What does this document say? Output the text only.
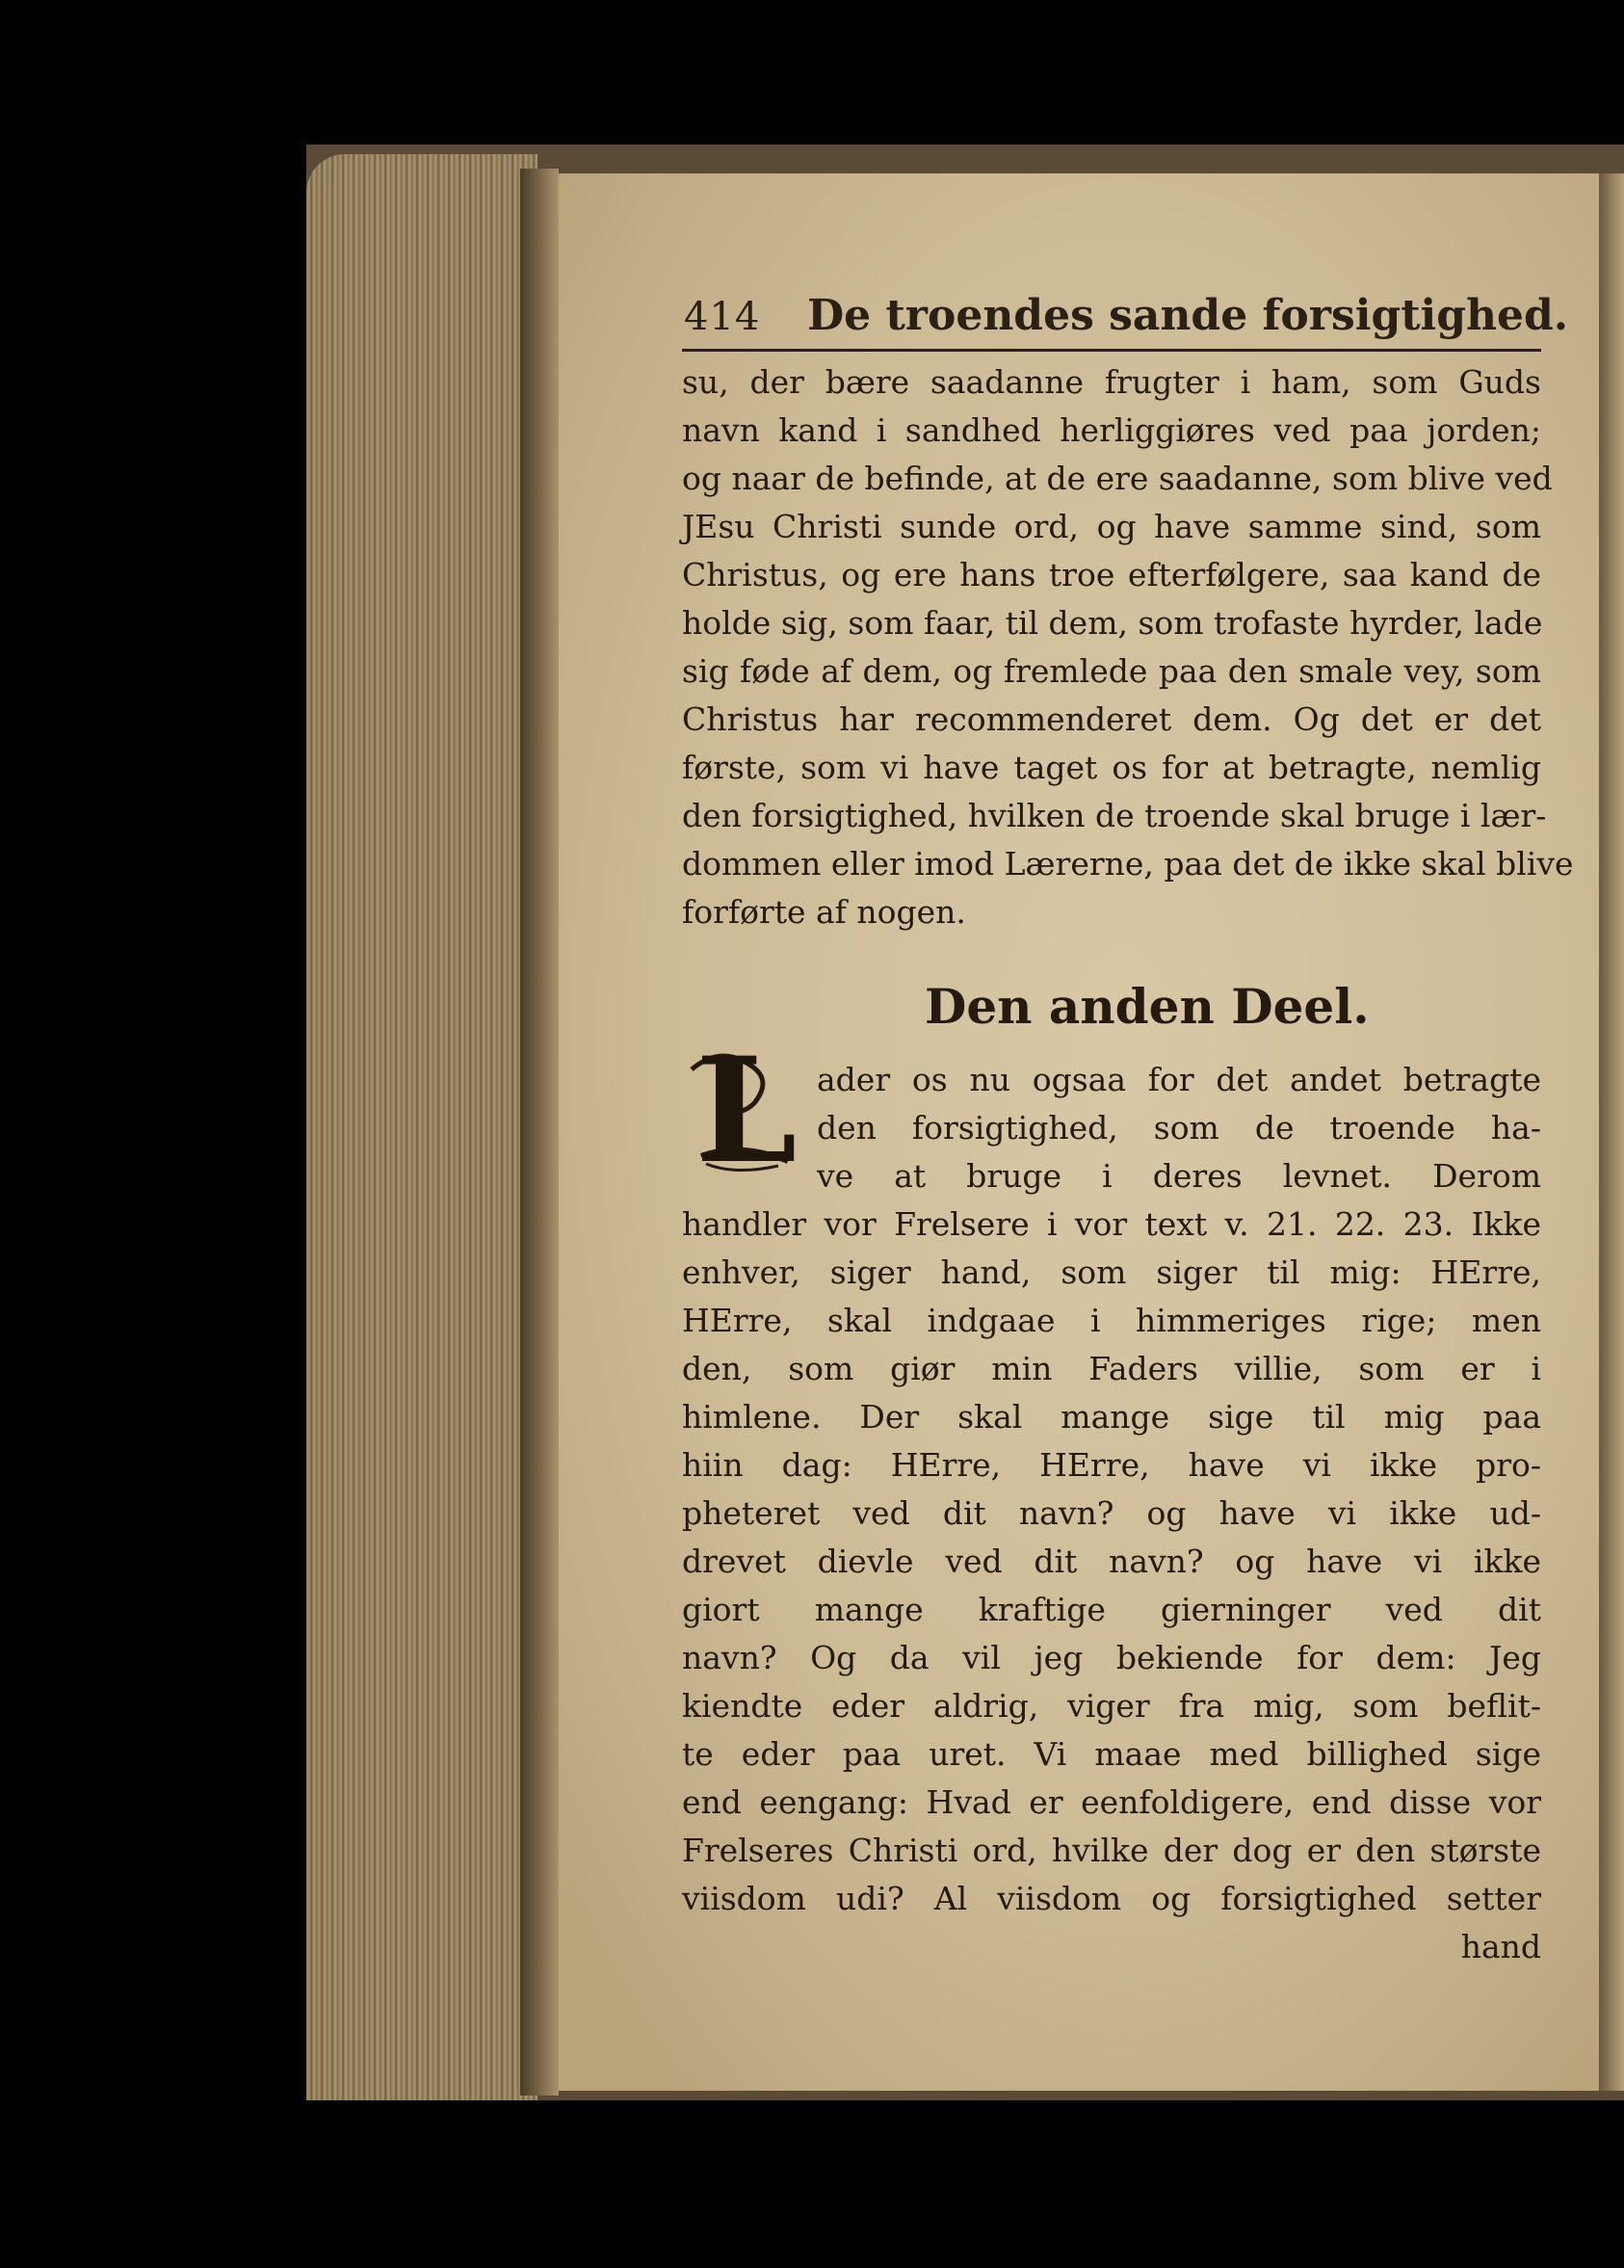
414 De troendes sande forsigtighed.
su, der bære saadanne frugter i ham, som Guds
navn kand i sandhed herliggiøres ved paa jorden;
og naar de befinde, at de ere saadanne, som blive ved
JEsu Christi sunde ord, og have samme sind, som
Christus, og ere hans troe efterfølgere, saa kand de
holde sig, som faar, til dem, som trofaste hyrder, lade
sig føde af dem, og fremlede paa den smale vey, som
Christus har recommenderet dem. Og det er det
første, som vi have taget os for at betragte, nemlig
den forsigtighed, hvilken de troende skal bruge i lær-
dommen eller imod Lærerne, paa det de ikke skal blive
forførte af nogen.
Den anden Deel.
L ader os nu ogsaa for det andet betragte
den forsigtighed, som de troende ha-
ve at bruge i deres levnet. Derom
handler vor Frelsere i vor text v. 21. 22. 23. Ikke
enhver, siger hand, som siger til mig: HErre,
HErre, skal indgaae i himmeriges rige; men
den, som giør min Faders villie, som er i
himlene. Der skal mange sige til mig paa
hiin dag: HErre, HErre, have vi ikke pro-
pheteret ved dit navn? og have vi ikke ud-
drevet dievle ved dit navn? og have vi ikke
giort mange kraftige gierninger ved dit
navn? Og da vil jeg bekiende for dem: Jeg
kiendte eder aldrig, viger fra mig, som beflit-
te eder paa uret. Vi maae med billighed sige
end eengang: Hvad er eenfoldigere, end disse vor
Frelseres Christi ord, hvilke der dog er den største
viisdom udi? Al viisdom og forsigtighed setter
hand
